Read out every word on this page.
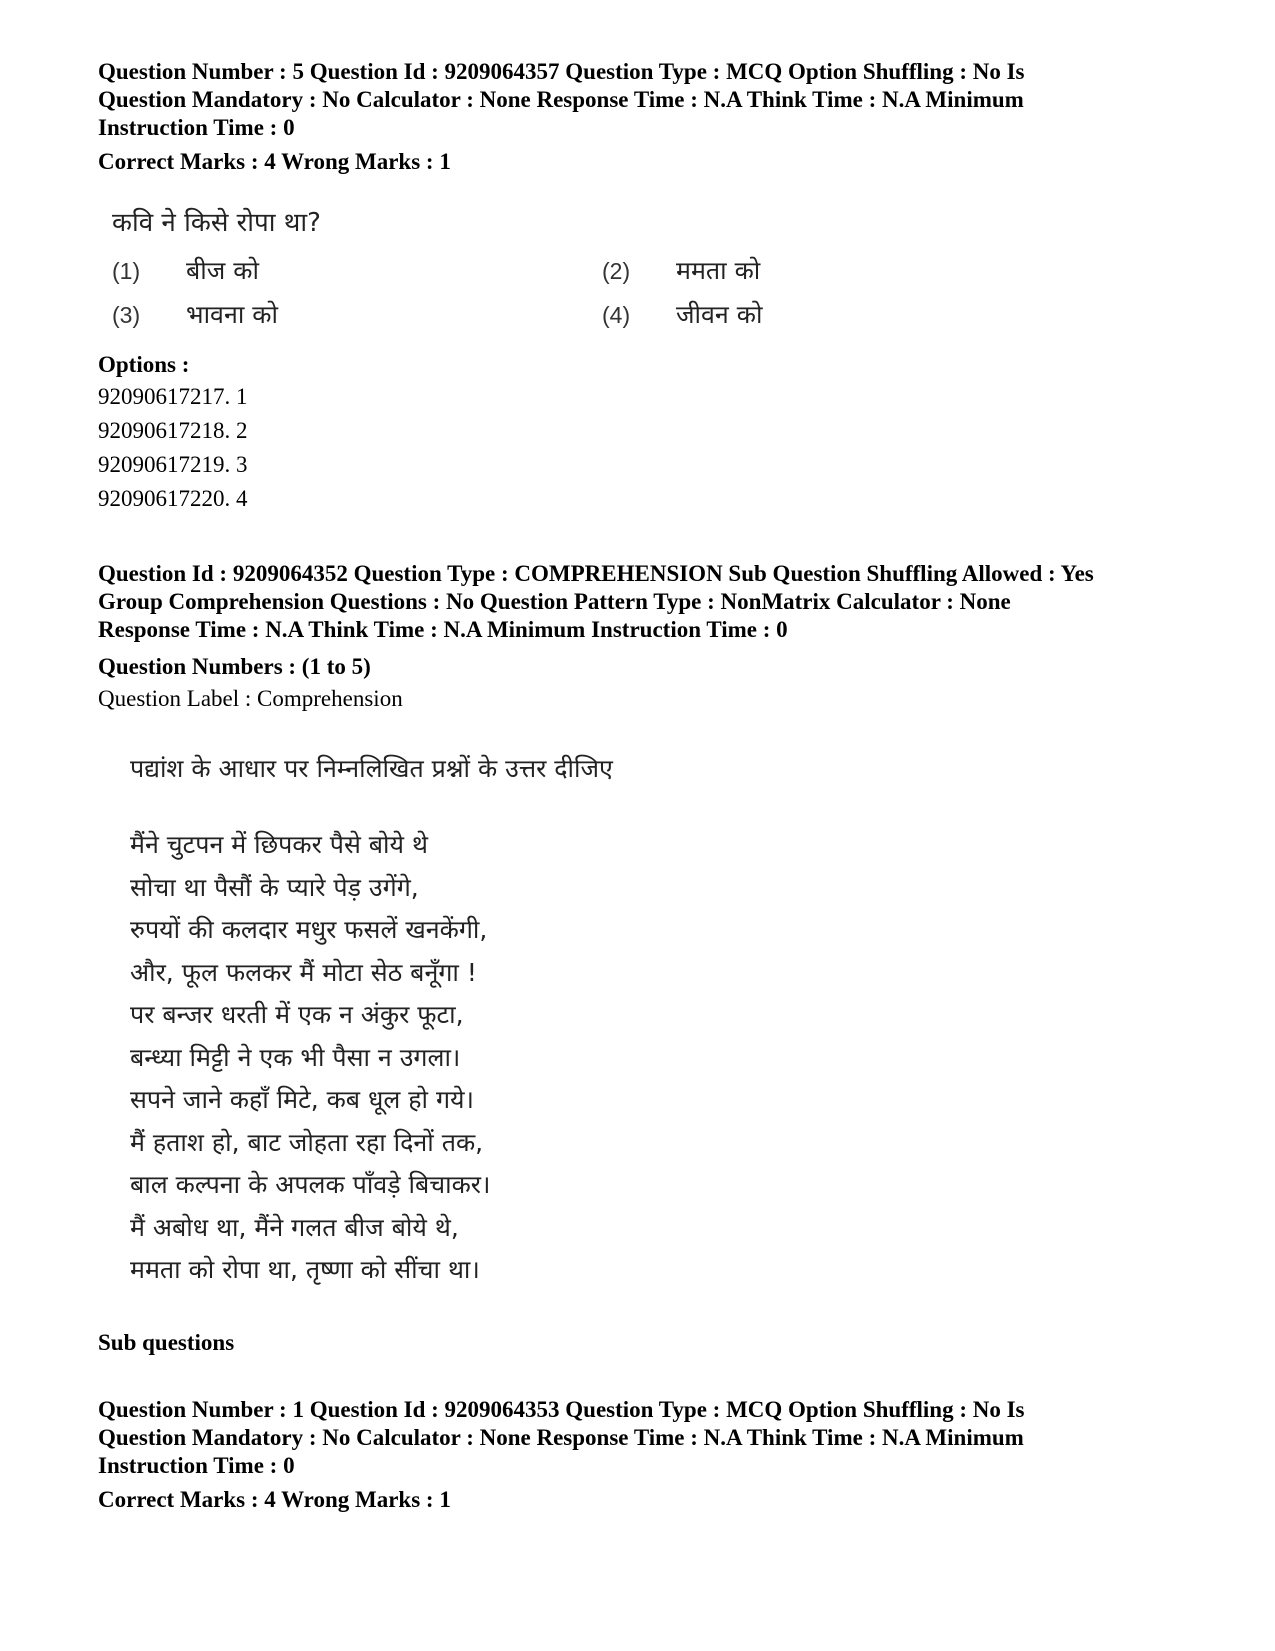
Question Number : 5 Question Id : 9209064357 Question Type : MCQ Option Shuffling : No Is
Question Mandatory : No Calculator : None Response Time : N.A Think Time : N.A Minimum
Instruction Time : 0
Correct Marks : 4 Wrong Marks : 1
कवि ने किसे रोपा था?
(1)	बीज को	(2)	ममता को
(3)	भावना को	(4)	जीवन को
Options :
92090617217. 1
92090617218. 2
92090617219. 3
92090617220. 4
Question Id : 9209064352 Question Type : COMPREHENSION Sub Question Shuffling Allowed : Yes
Group Comprehension Questions : No Question Pattern Type : NonMatrix Calculator : None
Response Time : N.A Think Time : N.A Minimum Instruction Time : 0
Question Numbers : (1 to 5)
Question Label : Comprehension
पद्यांश के आधार पर निम्नलिखित प्रश्नों के उत्तर दीजिए
मैंने चुटपन में छिपकर पैसे बोये थे
सोचा था पैसौं के प्यारे पेड़ उगेंगे,
रुपयों की कलदार मधुर फसलें खनकेंगी,
और, फूल फलकर मैं मोटा सेठ बनूँगा !
पर बन्जर धरती में एक न अंकुर फूटा,
बन्ध्या मिट्टी ने एक भी पैसा न उगला।
सपने जाने कहाँ मिटे, कब धूल हो गये।
मैं हताश हो, बाट जोहता रहा दिनों तक,
बाल कल्पना के अपलक पाँवड़े बिचाकर।
मैं अबोध था, मैंने गलत बीज बोये थे,
ममता को रोपा था, तृष्णा को सींचा था।
Sub questions
Question Number : 1 Question Id : 9209064353 Question Type : MCQ Option Shuffling : No Is
Question Mandatory : No Calculator : None Response Time : N.A Think Time : N.A Minimum
Instruction Time : 0
Correct Marks : 4 Wrong Marks : 1
